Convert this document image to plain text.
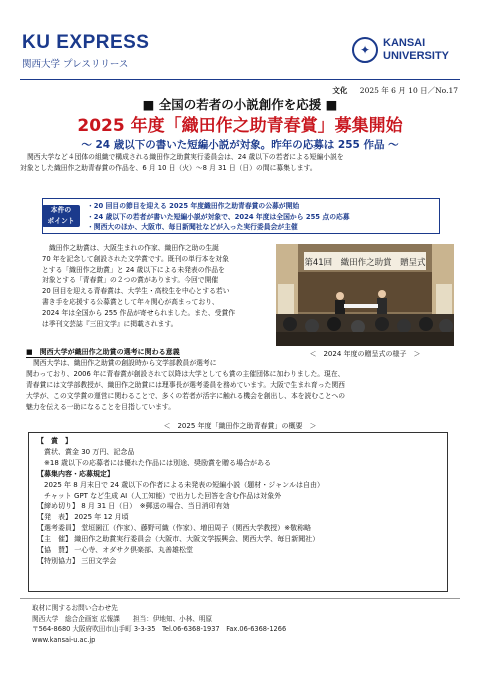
KU EXPRESS
関西大学 プレスリリース
✦	KANSAI
UNIVERSITY
文化 2025 年 6 月 10 日／No.17
■ 全国の若者の小説創作を応援 ■
2025 年度「織田作之助青春賞」募集開始
〜 24 歳以下の書いた短編小説が対象。昨年の応募は 255 作品 〜
関西大学など４団体の組織で構成される織田作之助賞実行委員会は、24 歳以下の若者による短編小説を
対象とした織田作之助青春賞の作品を、6 月 10 日（火）〜8 月 31 日（日）の間に募集します。
本件の
ポイント
・20 回目の節目を迎える 2025 年度織田作之助青春賞の公募が開始
・24 歳以下の若者が書いた短編小説が対象で、2024 年度は全国から 255 点の応募
・関西大のほか、大阪市、毎日新聞社などが入った実行委員会が主催
織田作之助賞は、大阪生まれの作家、織田作之助の生誕
70 年を記念して創設された文学賞です。既刊の単行本を対象
とする「織田作之助賞」と 24 歳以下による未発表の作品を
対象とする「青春賞」の２つの賞があります。今回で開催
20 回目を迎える青春賞は、大学生・高校生を中心とする若い
書き手を応援する公募賞として年々関心が高まっており、
2024 年は全国から 255 作品が寄せられました。また、受賞作
は季刊文芸誌『三田文学』に掲載されます。
第41回　織田作之助賞　贈呈式
＜　2024 年度の贈呈式の様子　＞
■　関西大学が織田作之助賞の選考に関わる意義
関西大学は、織田作之助賞の創設時から文学部教員が選考に
関わっており、2006 年に青春賞が創設されて以降は大学としても賞の主催団体に加わりました。現在、
青春賞には文学部教授が、織田作之助賞には理事長が選考委員を務めています。大阪で生まれ育った関西
大学が、この文学賞の運営に関わることで、多くの若者が活字に触れる機会を創出し、本を読むことへの
魅力を伝える一助になることを目指しています。
＜　2025 年度「織田作之助青春賞」の概要　＞
【　賞　】
　賞状、賞金 30 万円、記念品
　※18 歳以下の応募者には優れた作品には別途、奨励賞を贈る場合がある
【募集内容・応募規定】
　2025 年 8 月末日で 24 歳以下の作者による未発表の短編小説（題材・ジャンルは自由）
　チャット GPT など生成 AI（人工知能）で出力した回答を含む作品は対象外
【締め切り】 8 月 31 日（日）　※郵送の場合、当日消印有効
【発　表】 2025 年 12 月頃
【選考委員】 堂垣園江（作家）、藤野可織（作家）、増田周子（関西大学教授）※敬称略
【主　催】 織田作之助賞実行委員会（大阪市、大阪文学振興会、関西大学、毎日新聞社）
【協　賛】 一心寺、オダサク倶楽部、丸善雄松堂
【特別協力】 三田文学会
取材に関するお問い合わせ先
関西大学　総合企画室 広報課　　担当：伊地知、小林、明原
〒564-8680 大阪府吹田市山手町 3-3-35　Tel.06-6368-1937　Fax.06-6368-1266
www.kansai-u.ac.jp
